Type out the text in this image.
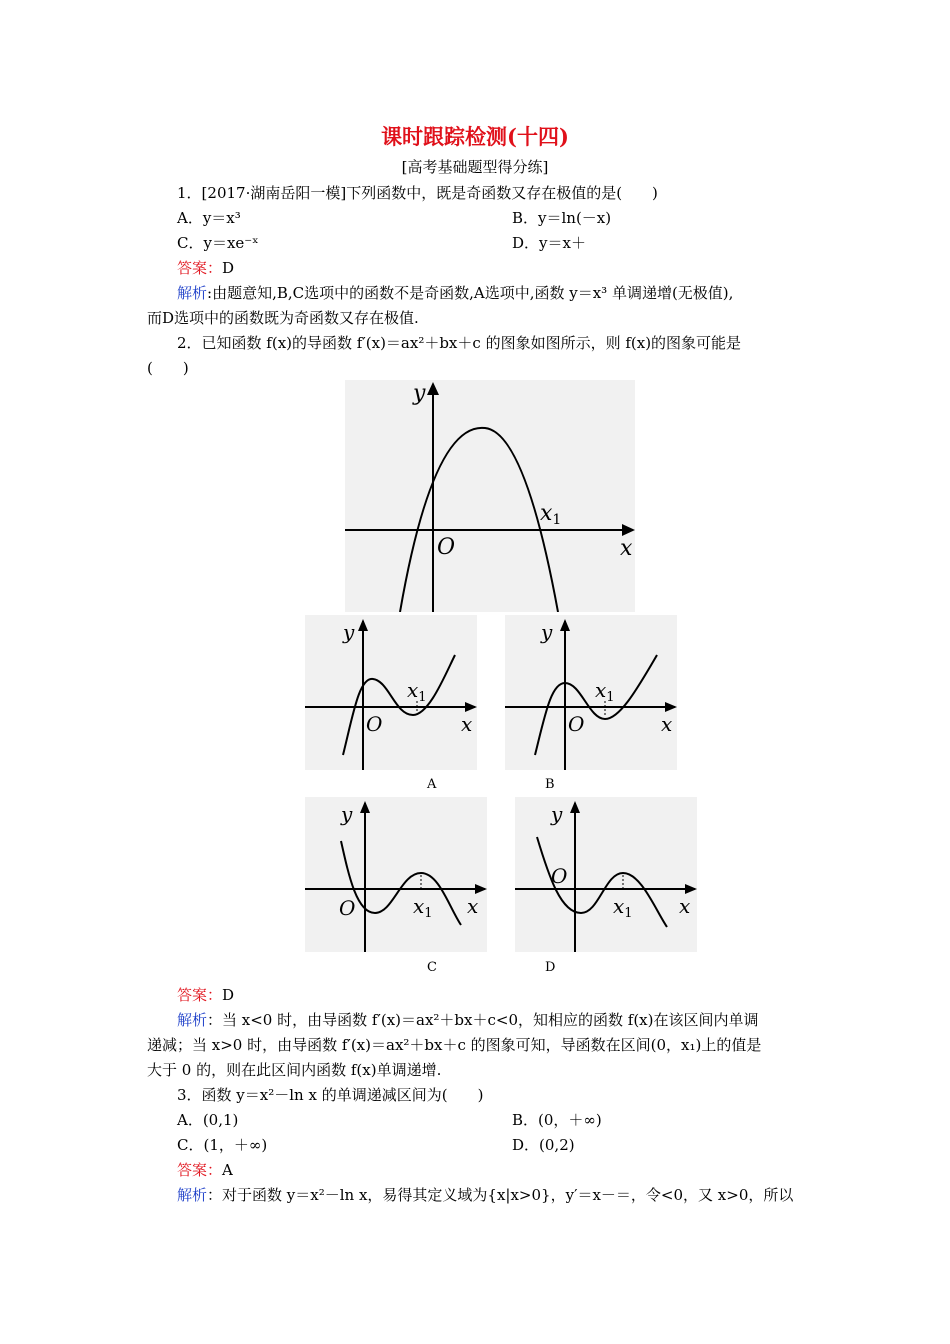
课时跟踪检测(十四)
[高考基础题型得分练]
1．[2017·湖南岳阳一模]下列函数中，既是奇函数又存在极值的是(　　)
A．y＝x³	B．y＝ln(－x)
C．y＝xe⁻ˣ	D．y＝x＋
答案：D
解析:由题意知,B,C选项中的函数不是奇函数,A选项中,函数 y＝x³ 单调递增(无极值),
而D选项中的函数既为奇函数又存在极值.
2．已知函数 f(x)的导函数 f′(x)＝ax²＋bx＋c 的图象如图所示，则 f(x)的图象可能是
(　　)
y
x
O
x1
y
x
O
$x_1$
y
x
O
$x_1$
A	B
y
x
O	$x_1$
y
x
O
$x_1$
C	D
答案：D
解析：当 x<0 时，由导函数 f′(x)＝ax²＋bx＋c<0，知相应的函数 f(x)在该区间内单调
递减；当 x>0 时，由导函数 f′(x)＝ax²＋bx＋c 的图象可知，导函数在区间(0，x₁)上的值是
大于 0 的，则在此区间内函数 f(x)单调递增.
3．函数 y＝x²－ln x 的单调递减区间为(　　)
A．(0,1)	B．(0，＋∞)
C．(1，＋∞)	D．(0,2)
答案：A
解析：对于函数 y＝x²－ln x，易得其定义域为{x|x>0}，y′＝x－＝，令<0，又 x>0，所以
